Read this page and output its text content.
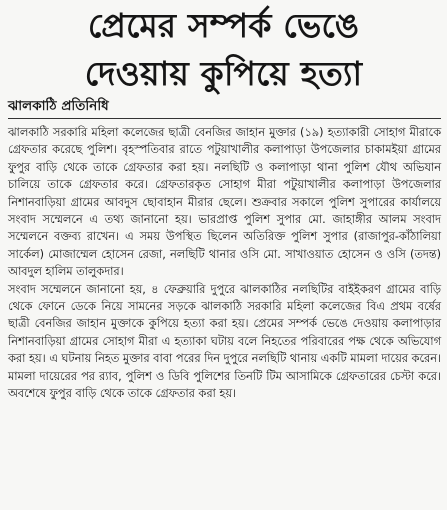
প্রেমের সম্পর্ক ভেঙে
দেওয়ায় কুপিয়ে হত্যা
ঝালকাঠি প্রতিনিধি

ঝালকাঠি সরকারি মহিলা কলেজের ছাত্রী বেনজির জাহান মুক্তার (১৯) হত্যাকারী সোহাগ মীরাকে গ্রেফতার করেছে পুলিশ। বৃহস্পতিবার রাতে পটুয়াখালীর কলাপাড়া উপজেলার চাকামইয়া গ্রামের ফুপুর বাড়ি থেকে তাকে গ্রেফতার করা হয়। নলছিটি ও কলাপাড়া থানা পুলিশ যৌথ অভিযান চালিয়ে তাকে গ্রেফতার করে। গ্রেফতারকৃত সোহাগ মীরা পটুয়াখালীর কলাপাড়া উপজেলার নিশানবাড়িয়া গ্রামের আবদুস ছোবাহান মীরার ছেলে। শুক্রবার সকালে পুলিশ সুপারের কার্যালয়ে সংবাদ সম্মেলনে এ তথ্য জানানো হয়। ভারপ্রাপ্ত পুলিশ সুপার মো. জাহাঙ্গীর আলম সংবাদ সম্মেলনে বক্তব্য রাখেন। এ সময় উপস্থিত ছিলেন অতিরিক্ত পুলিশ সুপার (রাজাপুর-কাঁঠালিয়া সার্কেল) মোজাম্মেল হোসেন রেজা, নলছিটি থানার ওসি মো. সাখাওয়াত হোসেন ও ওসি (তদন্ত) আবদুল হালিম তালুকদার।

সংবাদ সম্মেলনে জানানো হয়, ৪ ফেব্রুয়ারি দুপুরে ঝালকাঠির নলছিটির বাইইকরণ গ্রামের বাড়ি থেকে ফোনে ডেকে নিয়ে সামনের সড়কে ঝালকাঠি সরকারি মহিলা কলেজের বিএ প্রথম বর্ষের ছাত্রী বেনজির জাহান মুক্তাকে কুপিয়ে হত্যা করা হয়। প্রেমের সম্পর্ক ভেঙে দেওয়ায় কলাপাড়ার নিশানবাড়িয়া গ্রামের সোহাগ মীরা এ হত্যাকা ঘটায় বলে নিহতের পরিবারের পক্ষ থেকে অভিযোগ করা হয়। এ ঘটনায় নিহত মুক্তার বাবা পরের দিন দুপুরে নলছিটি থানায় একটি মামলা দায়ের করেন। মামলা দায়েরের পর র‌্যাব, পুলিশ ও ডিবি পুলিশের তিনটি টিম আসামিকে গ্রেফতারের চেস্টা করে। অবশেষে ফুপুর বাড়ি থেকে তাকে গ্রেফতার করা হয়।
